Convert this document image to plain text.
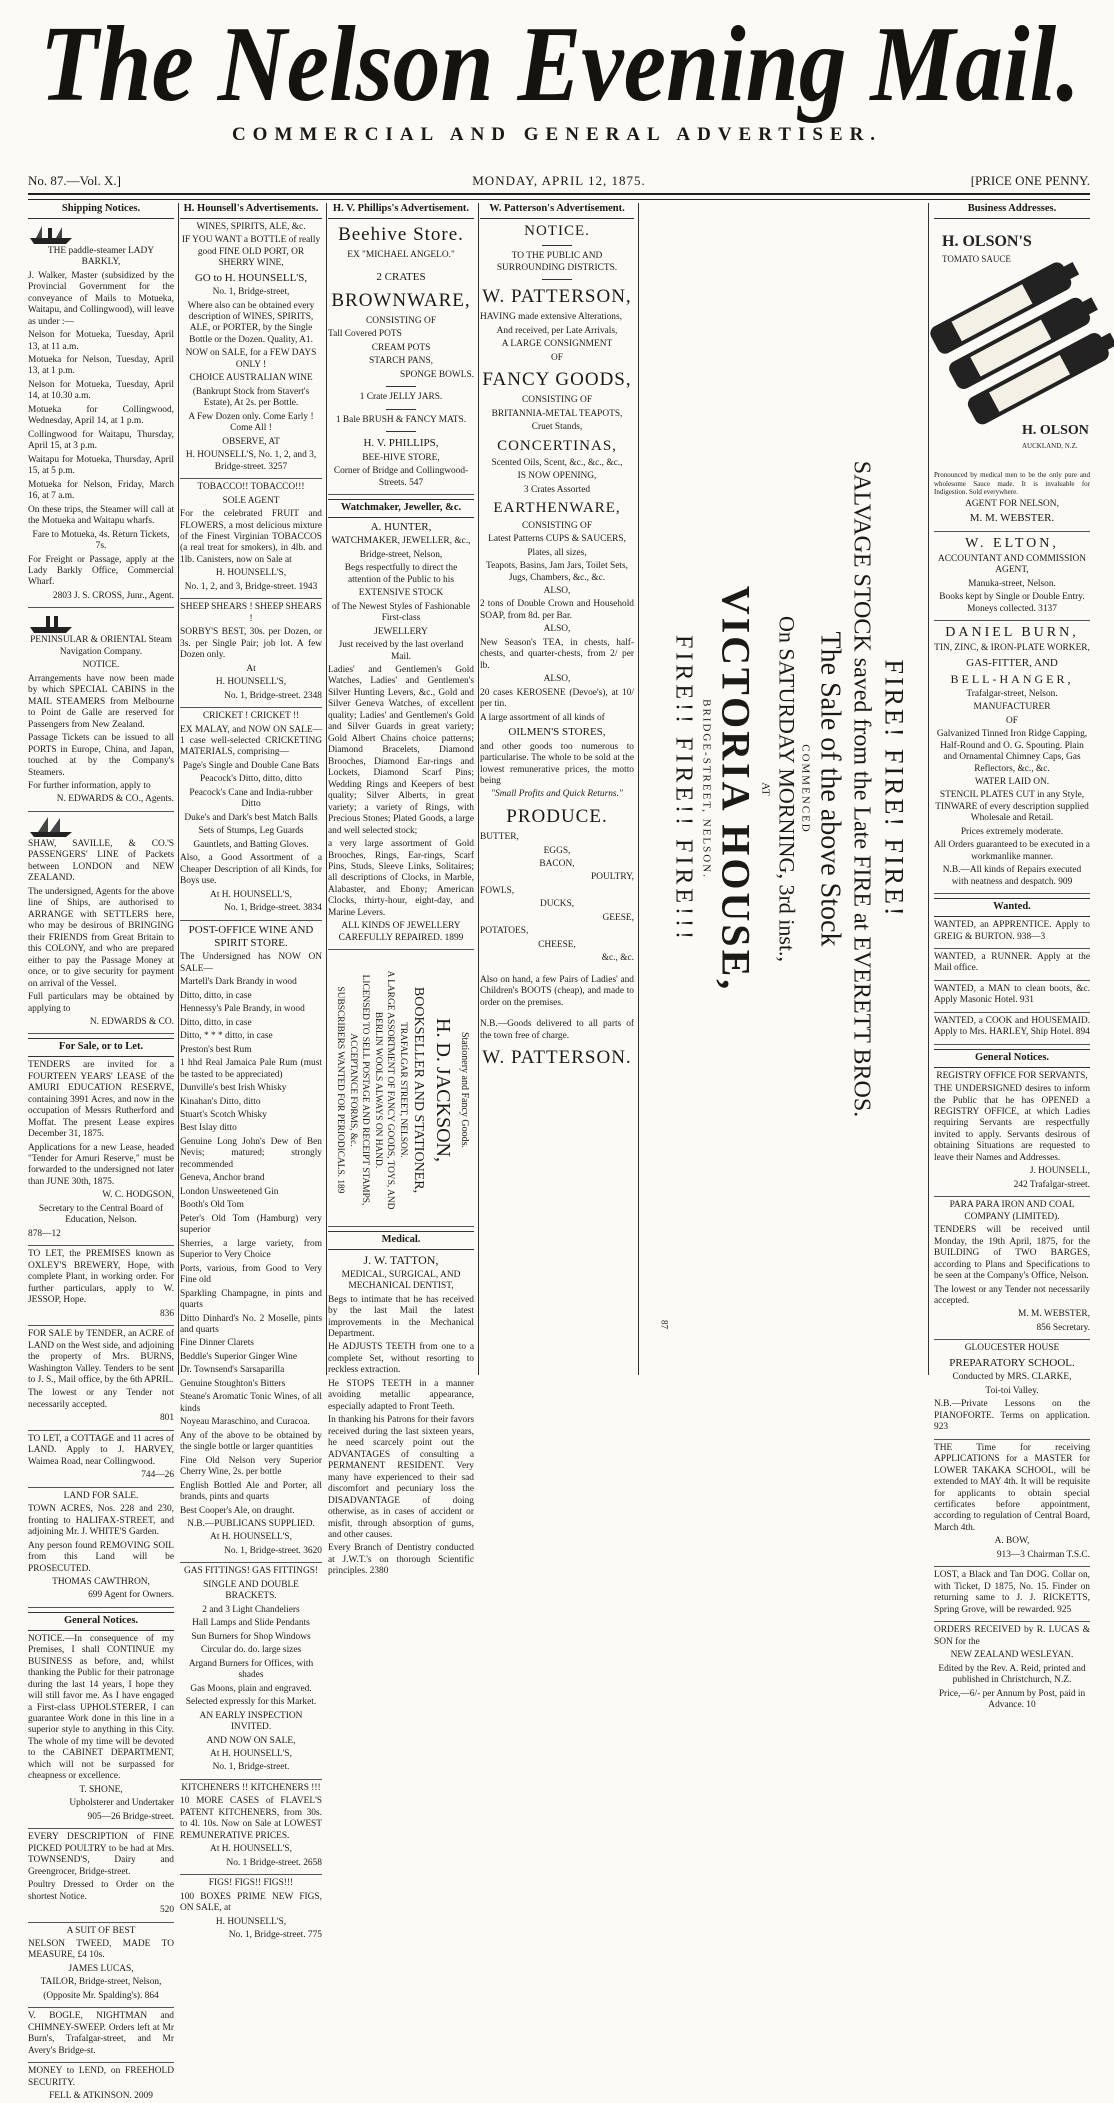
The Nelson Evening Mail.
COMMERCIAL AND GENERAL ADVERTISER.
No. 87.—Vol. X.]	MONDAY, APRIL 12, 1875.	[PRICE ONE PENNY.
Shipping Notices.

THE paddle-steamer LADY BARKLY,

J. Walker, Master (subsidized by the Provincial Government for the conveyance of Mails to Motueka, Waitapu, and Collingwood), will leave as under :—

Nelson for Motueka, Tuesday, April 13, at 11 a.m.

Motueka for Nelson, Tuesday, April 13, at 1 p.m.

Nelson for Motueka, Tuesday, April 14, at 10.30 a.m.

Motueka for Collingwood, Wednesday, April 14, at 1 p.m.

Collingwood for Waitapu, Thursday, April 15, at 3 p.m.

Waitapu for Motueka, Thursday, April 15, at 5 p.m.

Motueka for Nelson, Friday, March 16, at 7 a.m.

On these trips, the Steamer will call at the Motueka and Waitapu wharfs.

Fare to Motueka, 4s. Return Tickets, 7s.

For Freight or Passage, apply at the Lady Barkly Office, Commercial Wharf.

2803 J. S. CROSS, Junr., Agent.

PENINSULAR & ORIENTAL Steam Navigation Company.

NOTICE.

Arrangements have now been made by which SPECIAL CABINS in the MAIL STEAMERS from Melbourne to Point de Galle are reserved for Passengers from New Zealand.

Passage Tickets can be issued to all PORTS in Europe, China, and Japan, touched at by the Company's Steamers.

For further information, apply to

N. EDWARDS & CO., Agents.

SHAW, SAVILLE, & CO.'S PASSENGERS' LINE of Packets between LONDON and NEW ZEALAND.

The undersigned, Agents for the above line of Ships, are authorised to ARRANGE with SETTLERS here, who may be desirous of BRINGING their FRIENDS from Great Britain to this COLONY, and who are prepared either to pay the Passage Money at once, or to give security for payment on arrival of the Vessel.

Full particulars may be obtained by applying to

N. EDWARDS & CO.

For Sale, or to Let.

TENDERS are invited for a FOURTEEN YEARS' LEASE of the AMURI EDUCATION RESERVE, containing 3991 Acres, and now in the occupation of Messrs Rutherford and Moffat. The present Lease expires December 31, 1875.

Applications for a new Lease, headed "Tender for Amuri Reserve," must be forwarded to the undersigned not later than JUNE 30th, 1875.

W. C. HODGSON,

Secretary to the Central Board of Education, Nelson.

878—12

TO LET, the PREMISES known as OXLEY'S BREWERY, Hope, with complete Plant, in working order. For further particulars, apply to W. JESSOP, Hope.

836

FOR SALE by TENDER, an ACRE of LAND on the West side, and adjoining the property of Mrs. BURNS, Washington Valley. Tenders to be sent to J. S., Mail office, by the 6th APRIL.

The lowest or any Tender not necessarily accepted.

801

TO LET, a COTTAGE and 11 acres of LAND. Apply to J. HARVEY, Waimea Road, near Collingwood.

744—26

LAND FOR SALE.

TOWN ACRES, Nos. 228 and 230, fronting to HALIFAX-STREET, and adjoining Mr. J. WHITE'S Garden.

Any person found REMOVING SOIL from this Land will be PROSECUTED.

THOMAS CAWTHRON,

699 Agent for Owners.

General Notices.

NOTICE.—In consequence of my Premises, I shall CONTINUE my BUSINESS as before, and, whilst thanking the Public for their patronage during the last 14 years, I hope they will still favor me. As I have engaged a First-class UPHOLSTERER, I can guarantee Work done in this line in a superior style to anything in this City. The whole of my time will be devoted to the CABINET DEPARTMENT, which will not be surpassed for cheapness or excellence.

T. SHONE,

Upholsterer and Undertaker

905—26 Bridge-street.

EVERY DESCRIPTION of FINE PICKED POULTRY to be had at Mrs. TOWNSEND'S, Dairy and Greengrocer, Bridge-street.

Poultry Dressed to Order on the shortest Notice.

520

A SUIT OF BEST

NELSON TWEED, MADE TO MEASURE, £4 10s.

JAMES LUCAS,

TAILOR, Bridge-street, Nelson,

(Opposite Mr. Spalding's). 864

V. BOGLE, NIGHTMAN and CHIMNEY-SWEEP. Orders left at Mr Burn's, Trafalgar-street, and Mr Avery's Bridge-st.

MONEY to LEND, on FREEHOLD SECURITY.

FELL & ATKINSON. 2009

H. Hounsell's Advertisements.

WINES, SPIRITS, ALE, &c.

IF YOU WANT a BOTTLE of really good FINE OLD PORT, OR SHERRY WINE,

GO to H. HOUNSELL'S,

No. 1, Bridge-street,

Where also can be obtained every description of WINES, SPIRITS, ALE, or PORTER, by the Single Bottle or the Dozen. Quality, A1.

NOW on SALE, for a FEW DAYS ONLY !

CHOICE AUSTRALIAN WINE

(Bankrupt Stock from Stavert's Estate), At 2s. per Bottle.

A Few Dozen only. Come Early ! Come All !

OBSERVE, AT

H. HOUNSELL'S, No. 1, 2, and 3, Bridge-street. 3257

TOBACCO!! TOBACCO!!!

SOLE AGENT

For the celebrated FRUIT and FLOWERS, a most delicious mixture of the Finest Virginian TOBACCOS (a real treat for smokers), in 4lb. and 1lb. Canisters, now on Sale at

H. HOUNSELL'S,

No. 1, 2, and 3, Bridge-street. 1943

SHEEP SHEARS ! SHEEP SHEARS !

SORBY'S BEST, 30s. per Dozen, or 3s. per Single Pair; job lot. A few Dozen only.

At

H. HOUNSELL'S,

No. 1, Bridge-street. 2348

CRICKET ! CRICKET !!

EX MALAY, and NOW ON SALE—1 case well-selected CRICKETING MATERIALS, comprising—

Page's Single and Double Cane Bats

Peacock's Ditto, ditto, ditto

Peacock's Cane and India-rubber Ditto

Duke's and Dark's best Match Balls

Sets of Stumps, Leg Guards

Gauntlets, and Batting Gloves.

Also, a Good Assortment of a Cheaper Description of all Kinds, for Boys use.

At H. HOUNSELL'S,

No. 1, Bridge-street. 3834

POST-OFFICE WINE AND SPIRIT STORE.

The Undersigned has NOW ON SALE—

Martell's Dark Brandy in wood

Ditto, ditto, in case

Hennessy's Pale Brandy, in wood

Ditto, ditto, in case

Ditto, * * * ditto, in case

Preston's best Rum

1 hhd Real Jamaica Pale Rum (must be tasted to be appreciated)

Dunville's best Irish Whisky

Kinahan's Ditto, ditto

Stuart's Scotch Whisky

Best Islay ditto

Genuine Long John's Dew of Ben Nevis; matured; strongly recommended

Geneva, Anchor brand

London Unsweetened Gin

Booth's Old Tom

Peter's Old Tom (Hamburg) very superior

Sherries, a large variety, from Superior to Very Choice

Ports, various, from Good to Very Fine old

Sparkling Champagne, in pints and quarts

Ditto Dinhard's No. 2 Moselle, pints and quarts

Fine Dinner Clarets

Beddle's Superior Ginger Wine

Dr. Townsend's Sarsaparilla

Genuine Stoughton's Bitters

Steane's Aromatic Tonic Wines, of all kinds

Noyeau Maraschino, and Curacoa.

Any of the above to be obtained by the single bottle or larger quantities

Fine Old Nelson very Superior Cherry Wine, 2s. per bottle

English Bottled Ale and Porter, all brands, pints and quarts

Best Cooper's Ale, on draught.

N.B.—PUBLICANS SUPPLIED.

At H. HOUNSELL'S,

No. 1, Bridge-street. 3620

GAS FITTINGS! GAS FITTINGS!

SINGLE AND DOUBLE BRACKETS.

2 and 3 Light Chandeliers

Hall Lamps and Slide Pendants

Sun Burners for Shop Windows

Circular do. do. large sizes

Argand Burners for Offices, with shades

Gas Moons, plain and engraved.

Selected expressly for this Market.

AN EARLY INSPECTION INVITED.

AND NOW ON SALE,

At H. HOUNSELL'S,

No. 1, Bridge-street.

KITCHENERS !! KITCHENERS !!!

10 MORE CASES of FLAVEL'S PATENT KITCHENERS, from 30s. to 4l. 10s. Now on Sale at LOWEST REMUNERATIVE PRICES.

At H. HOUNSELL'S,

No. 1 Bridge-street. 2658

FIGS! FIGS!! FIGS!!!

100 BOXES PRIME NEW FIGS, ON SALE, at

H. HOUNSELL'S,

No. 1, Bridge-street. 775

H. V. Phillips's Advertisement.

Beehive Store.

EX "MICHAEL ANGELO."

2 CRATES

BROWNWARE,

CONSISTING OF

Tall Covered POTS

CREAM POTS

STARCH PANS,

SPONGE BOWLS.

1 Crate JELLY JARS.

1 Bale BRUSH & FANCY MATS.

H. V. PHILLIPS,

BEE-HIVE STORE,

Corner of Bridge and Collingwood-Streets. 547

Watchmaker, Jeweller, &c.

A. HUNTER,

WATCHMAKER, JEWELLER, &c.,

Bridge-street, Nelson,

Begs respectfully to direct the attention of the Public to his

EXTENSIVE STOCK

of The Newest Styles of Fashionable First-class

JEWELLERY

Just received by the last overland Mail.

Ladies' and Gentlemen's Gold Watches, Ladies' and Gentlemen's Silver Hunting Levers, &c., Gold and Silver Geneva Watches, of excellent quality; Ladies' and Gentlemen's Gold and Silver Guards in great variety; Gold Albert Chains choice patterns; Diamond Bracelets, Diamond Brooches, Diamond Ear-rings and Lockets, Diamond Scarf Pins; Wedding Rings and Keepers of best quality; Silver Alberts, in great variety; a variety of Rings, with Precious Stones; Plated Goods, a large and well selected stock;

a very large assortment of Gold Brooches, Rings, Ear-rings, Scarf Pins, Studs, Sleeve Links, Solitaires; all descriptions of Clocks, in Marble, Alabaster, and Ebony; American Clocks, thirty-hour, eight-day, and Marine Levers.

ALL KINDS OF JEWELLERY CAREFULLY REPAIRED. 1899

Stationery and Fancy Goods.

H. D. JACKSON,

BOOKSELLER AND STATIONER,

TRAFALGAR STREET, NELSON.

A LARGE ASSORTMENT OF FANCY GOODS, TOYS, AND BERLIN WOOLS ALWAYS ON HAND.

LICENSED TO SELL POSTAGE AND RECEIPT STAMPS, ACCEPTANCE FORMS, &c.

SUBSCRIBERS WANTED FOR PERIODICALS. 189

Medical.

J. W. TATTON,

MEDICAL, SURGICAL, AND MECHANICAL DENTIST,

Begs to intimate that he has received by the last Mail the latest improvements in the Mechanical Department.

He ADJUSTS TEETH from one to a complete Set, without resorting to reckless extraction.

He STOPS TEETH in a manner avoiding metallic appearance, especially adapted to Front Teeth.

In thanking his Patrons for their favors received during the last sixteen years, he need scarcely point out the ADVANTAGES of consulting a PERMANENT RESIDENT. Very many have experienced to their sad discomfort and pecuniary loss the DISADVANTAGE of doing otherwise, as in cases of accident or misfit, through absorption of gums, and other causes.

Every Branch of Dentistry conducted at J.W.T.'s on thorough Scientific principles. 2380

W. Patterson's Advertisement.

NOTICE.

TO THE PUBLIC AND SURROUNDING DISTRICTS.

W. PATTERSON,

HAVING made extensive Alterations,

And received, per Late Arrivals,

A LARGE CONSIGNMENT

OF

FANCY GOODS,

CONSISTING OF

BRITANNIA-METAL TEAPOTS,

Cruet Stands,

CONCERTINAS,

Scented Oils, Scent, &c., &c., &c.,

IS NOW OPENING,

3 Crates Assorted

EARTHENWARE,

CONSISTING OF

Latest Patterns CUPS & SAUCERS,

Plates, all sizes,

Teapots, Basins, Jam Jars, Toilet Sets, Jugs, Chambers, &c., &c.

ALSO,

2 tons of Double Crown and Household SOAP, from 8d. per Bar.

ALSO,

New Season's TEA, in chests, half-chests, and quarter-chests, from 2/ per lb.

ALSO,

20 cases KEROSENE (Devoe's), at 10/ per tin.

A large assortment of all kinds of

OILMEN'S STORES,

and other goods too numerous to particularise. The whole to be sold at the lowest remunerative prices, the motto being

"Small Profits and Quick Returns."

PRODUCE.

BUTTER,

EGGS,

BACON,

POULTRY,

FOWLS,

DUCKS,

GEESE,

POTATOES,

CHEESE,

&c., &c.

Also on hand, a few Pairs of Ladies' and Children's BOOTS (cheap), and made to order on the premises.

N.B.—Goods delivered to all parts of the town free of charge.

W. PATTERSON.

FIRE! FIRE! FIRE!
SALVAGE STOCK saved from the Late FIRE at EVERETT BROS.
The Sale of the above Stock
COMMENCED
On SATURDAY MORNING, 3rd inst.,
AT
VICTORIA HOUSE,
BRIDGE-STREET, NELSON.
FIRE!! FIRE!! FIRE!!!
87
Business Addresses.
H. OLSON'S
TOMATO SAUCE
H. OLSON
AUCKLAND, N.Z.

Pronounced by medical men to be the only pure and wholesome Sauce made. It is invaluable for Indigestion. Sold everywhere.

AGENT FOR NELSON,

M. M. WEBSTER.

W. ELTON,

ACCOUNTANT AND COMMISSION AGENT,

Manuka-street, Nelson.

Books kept by Single or Double Entry. Moneys collected. 3137

DANIEL BURN,

TIN, ZINC, & IRON-PLATE WORKER,

GAS-FITTER, AND

BELL-HANGER,

Trafalgar-street, Nelson.

MANUFACTURER

OF

Galvanized Tinned Iron Ridge Capping, Half-Round and O. G. Spouting. Plain and Ornamental Chimney Caps, Gas Reflectors, &c., &c.

WATER LAID ON.

STENCIL PLATES CUT in any Style, TINWARE of every description supplied Wholesale and Retail.

Prices extremely moderate.

All Orders guaranteed to be executed in a workmanlike manner.

N.B.—All kinds of Repairs executed with neatness and despatch. 909

Wanted.

WANTED, an APPRENTICE. Apply to GREIG & BURTON. 938—3

WANTED, a RUNNER. Apply at the Mail office.

WANTED, a MAN to clean boots, &c. Apply Masonic Hotel. 931

WANTED, a COOK and HOUSEMAID. Apply to Mrs. HARLEY, Ship Hotel. 894

General Notices.

REGISTRY OFFICE FOR SERVANTS,

THE UNDERSIGNED desires to inform the Public that he has OPENED a REGISTRY OFFICE, at which Ladies requiring Servants are respectfully invited to apply. Servants desirous of obtaining Situations are requested to leave their Names and Addresses.

J. HOUNSELL,

242 Trafalgar-street.

PARA PARA IRON AND COAL COMPANY (LIMITED).

TENDERS will be received until Monday, the 19th April, 1875, for the BUILDING of TWO BARGES, according to Plans and Specifications to be seen at the Company's Office, Nelson.

The lowest or any Tender not necessarily accepted.

M. M. WEBSTER,

856 Secretary.

GLOUCESTER HOUSE

PREPARATORY SCHOOL.

Conducted by MRS. CLARKE,

Toi-toi Valley.

N.B.—Private Lessons on the PIANOFORTE. Terms on application. 923

THE Time for receiving APPLICATIONS for a MASTER for LOWER TAKAKA SCHOOL, will be extended to MAY 4th. It will be requisite for applicants to obtain special certificates before appointment, according to regulation of Central Board, March 4th.

A. BOW,

913—3 Chairman T.S.C.

LOST, a Black and Tan DOG. Collar on, with Ticket, D 1875, No. 15. Finder on returning same to J. J. RICKETTS, Spring Grove, will be rewarded. 925

ORDERS RECEIVED by R. LUCAS & SON for the

NEW ZEALAND WESLEYAN.

Edited by the Rev. A. Reid, printed and published in Christchurch, N.Z.

Price,—6/- per Annum by Post, paid in Advance. 10
